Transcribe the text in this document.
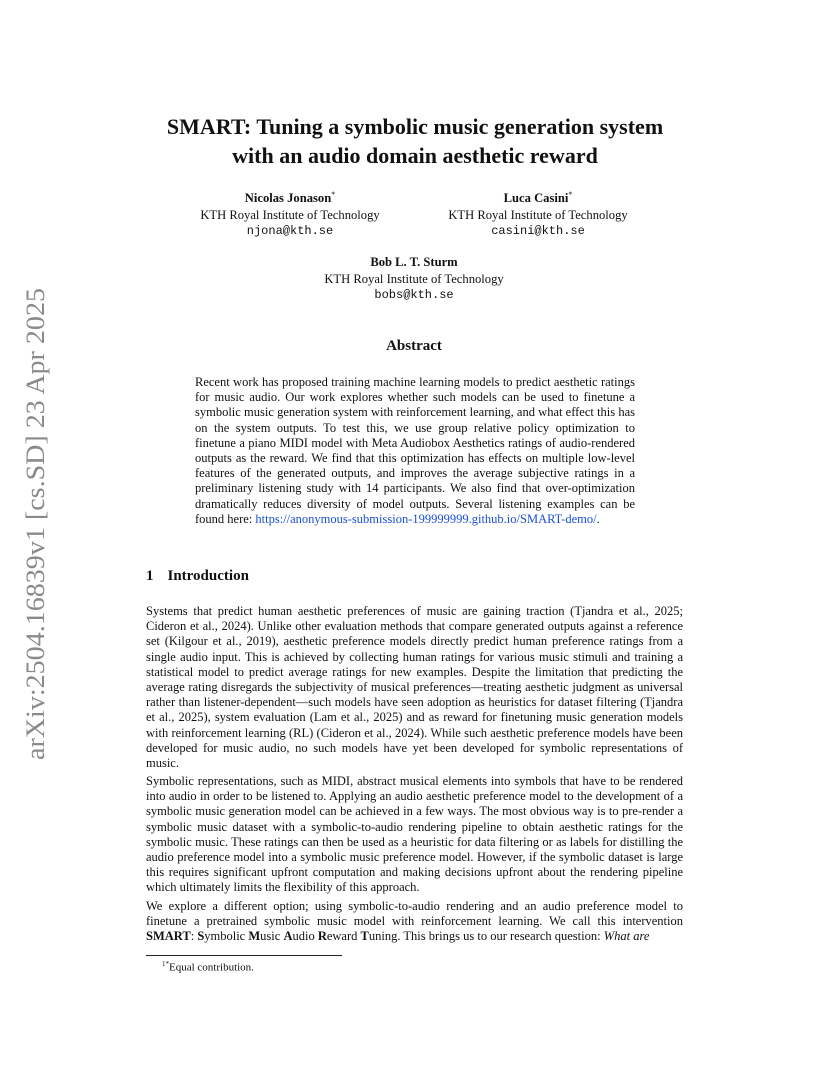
arXiv:2504.16839v1 [cs.SD] 23 Apr 2025
SMART: Tuning a symbolic music generation system
with an audio domain aesthetic reward
Nicolas Jonason*
KTH Royal Institute of Technology
njona@kth.se
Luca Casini*
KTH Royal Institute of Technology
casini@kth.se
Bob L. T. Sturm
KTH Royal Institute of Technology
bobs@kth.se
Abstract

Recent work has proposed training machine learning models to predict aesthetic ratings for music audio. Our work explores whether such models can be used to finetune a symbolic music generation system with reinforcement learning, and what effect this has on the system outputs. To test this, we use group relative policy optimization to finetune a piano MIDI model with Meta Audiobox Aesthetics ratings of audio-rendered outputs as the reward. We find that this optimization has effects on multiple low-level features of the generated outputs, and improves the average subjective ratings in a preliminary listening study with 14 participants. We also find that over-optimization dramatically reduces diversity of model outputs. Several listening examples can be found here: https://anonymous-submission-199999999.github.io/SMART-demo/.

1 Introduction

Systems that predict human aesthetic preferences of music are gaining traction (Tjandra et al., 2025; Cideron et al., 2024). Unlike other evaluation methods that compare generated outputs against a reference set (Kilgour et al., 2019), aesthetic preference models directly predict human preference ratings from a single audio input. This is achieved by collecting human ratings for various music stimuli and training a statistical model to predict average ratings for new examples. Despite the limitation that predicting the average rating disregards the subjectivity of musical preferences—treating aesthetic judgment as universal rather than listener-dependent—such models have seen adoption as heuristics for dataset filtering (Tjandra et al., 2025), system evaluation (Lam et al., 2025) and as reward for finetuning music generation models with reinforcement learning (RL) (Cideron et al., 2024). While such aesthetic preference models have been developed for music audio, no such models have yet been developed for symbolic representations of music.

Symbolic representations, such as MIDI, abstract musical elements into symbols that have to be rendered into audio in order to be listened to. Applying an audio aesthetic preference model to the development of a symbolic music generation model can be achieved in a few ways. The most obvious way is to pre-render a symbolic music dataset with a symbolic-to-audio rendering pipeline to obtain aesthetic ratings for the symbolic music. These ratings can then be used as a heuristic for data filtering or as labels for distilling the audio preference model into a symbolic music preference model. However, if the symbolic dataset is large this requires significant upfront computation and making decisions upfront about the rendering pipeline which ultimately limits the flexibility of this approach.

We explore a different option; using symbolic-to-audio rendering and an audio preference model to finetune a pretrained symbolic music model with reinforcement learning. We call this intervention SMART: Symbolic Music Audio Reward Tuning. This brings us to our research question: What are

$^{1*}$Equal contribution.
